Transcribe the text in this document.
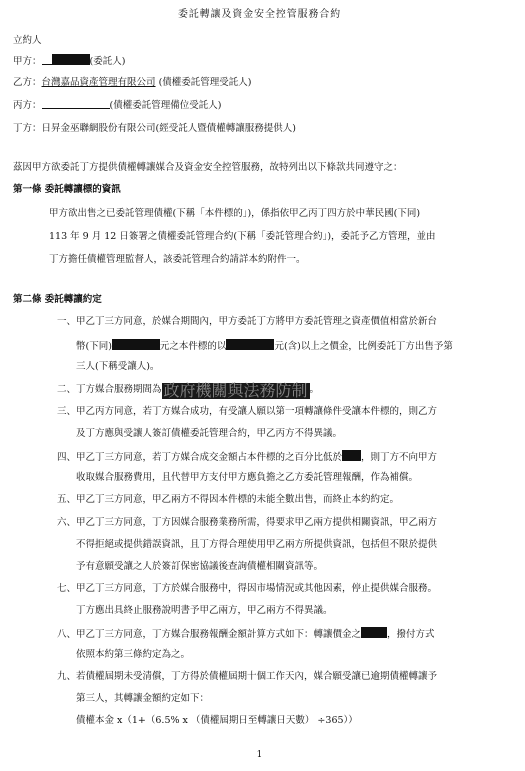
委託轉讓及資金安全控管服務合約
立約人
甲方：	(委託人)
乙方：台灣嘉品資產管理有限公司 (債權委託管理受託人)
丙方：	(債權委託管理備位受託人)
丁方：日昇金巫聯網股份有限公司(經受託人暨債權轉讓服務提供人)
茲因甲方欲委託丁方提供債權轉讓媒合及資金安全控管服務，故特列出以下條款共同遵守之：
第一條 委託轉讓標的資訊
甲方欲出售之已委託管理債權(下稱「本件標的」)，係指依甲乙丙丁四方於中華民國(下同)
113 年 9 月 12 日簽署之債權委託管理合約(下稱「委託管理合約」)，委託予乙方管理，並由
丁方擔任債權管理監督人，該委託管理合約請詳本約附件一。
第二條 委託轉讓約定
一、甲乙丁三方同意，於媒合期間內，甲方委託丁方將甲方委託管理之資產價值相當於新台
幣(下同)	元之本件標的以	元(含)以上之價金，比例委託丁方出售予第
三人(下稱受讓人)。
二、丁方媒合服務期間為 政府機關與法務防制 。
三、甲乙丙方同意，若丁方媒合成功，有受讓人願以第一項轉讓條件受讓本件標的，則乙方
及丁方應與受讓人簽訂債權委託管理合約，甲乙丙方不得異議。
四、甲乙丁三方同意，若丁方媒合成交金額占本件標的之百分比低於 ，則丁方不向甲方
收取媒合服務費用，且代替甲方支付甲方應負擔之乙方委託管理報酬，作為補償。
五、甲乙丁三方同意，甲乙兩方不得因本件標的未能全數出售，而終止本約約定。
六、甲乙丁三方同意，丁方因媒合服務業務所需，得要求甲乙兩方提供相關資訊，甲乙兩方
不得拒絕或提供錯誤資訊，且丁方得合理使用甲乙兩方所提供資訊，包括但不限於提供
予有意願受讓之人於簽訂保密協議後查詢債權相關資訊等。
七、甲乙丁三方同意，丁方於媒合服務中，得因市場情況或其他因素，停止提供媒合服務。
丁方應出具終止服務說明書予甲乙兩方，甲乙兩方不得異議。
八、甲乙丁三方同意，丁方媒合服務報酬金額計算方式如下：轉讓價金之	，撥付方式
依照本約第三條約定為之。
九、若債權屆期未受清償，丁方得於債權屆期十個工作天內，媒合願受讓已逾期債權轉讓予
第三人，其轉讓金額約定如下：
債權本金 x（1+（6.5% x （債權屆期日至轉讓日天數） ÷365））
1
